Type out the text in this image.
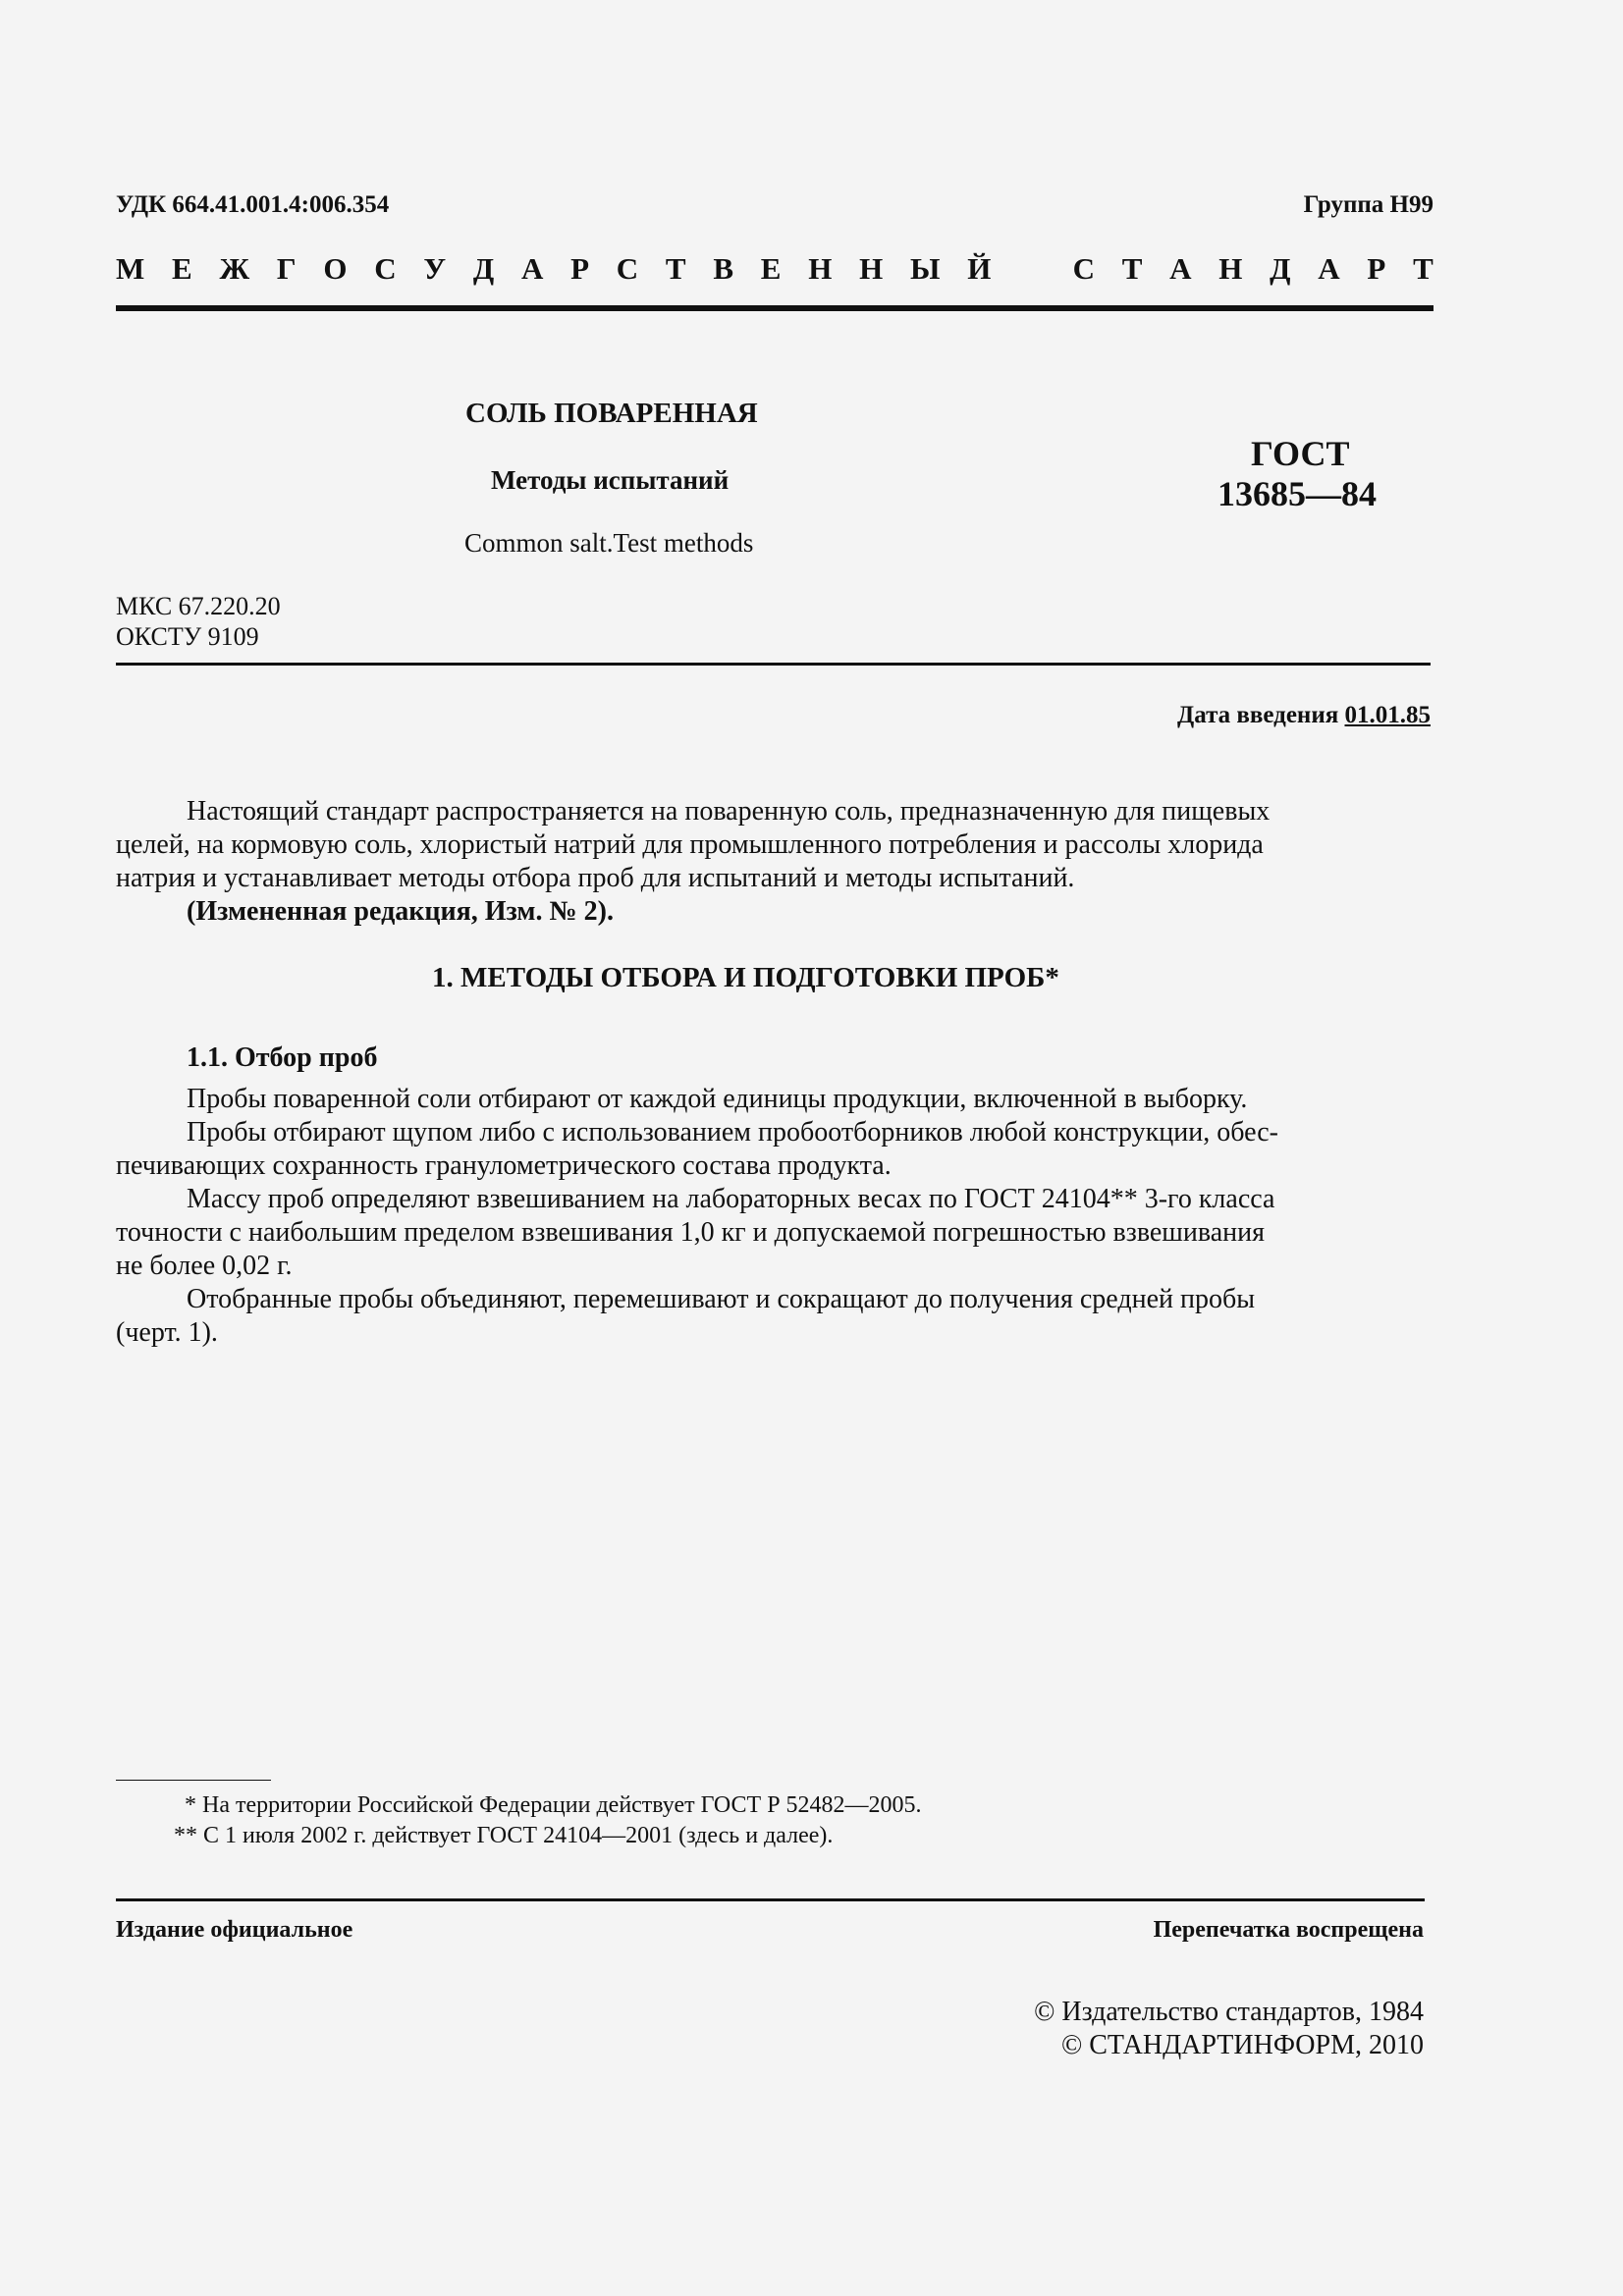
УДК 664.41.001.4:006.354	Группа Н99
М Е Ж Г О С У Д А Р С Т В Е Н Н Ы Й	С Т А Н Д А Р Т
СОЛЬ ПОВАРЕННАЯ
Методы испытаний
Common salt.Test methods
ГОСТ
13685—84
МКС 67.220.20
ОКСТУ 9109
Дата введения 01.01.85

Настоящий стандарт распространяется на поваренную соль, предназначенную для пищевых

целей, на кормовую соль, хлористый натрий для промышленного потребления и рассолы хлорида

натрия и устанавливает методы отбора проб для испытаний и методы испытаний.

(Измененная редакция, Изм. № 2).

1. МЕТОДЫ ОТБОРА И ПОДГОТОВКИ ПРОБ*
1.1. Отбор проб

Пробы поваренной соли отбирают от каждой единицы продукции, включенной в выборку.

Пробы отбирают щупом либо с использованием пробоотборников любой конструкции, обес-

печивающих сохранность гранулометрического состава продукта.

Массу проб определяют взвешиванием на лабораторных весах по ГОСТ 24104** 3-го класса

точности с наибольшим пределом взвешивания 1,0 кг и допускаемой погрешностью взвешивания

не более 0,02 г.

Отобранные пробы объединяют, перемешивают и сокращают до получения средней пробы

(черт. 1).

* На территории Российской Федерации действует ГОСТ Р 52482—2005.
** С 1 июля 2002 г. действует ГОСТ 24104—2001 (здесь и далее).
Издание официальное	Перепечатка воспрещена
© Издательство стандартов, 1984
© СТАНДАРТИНФОРМ, 2010
